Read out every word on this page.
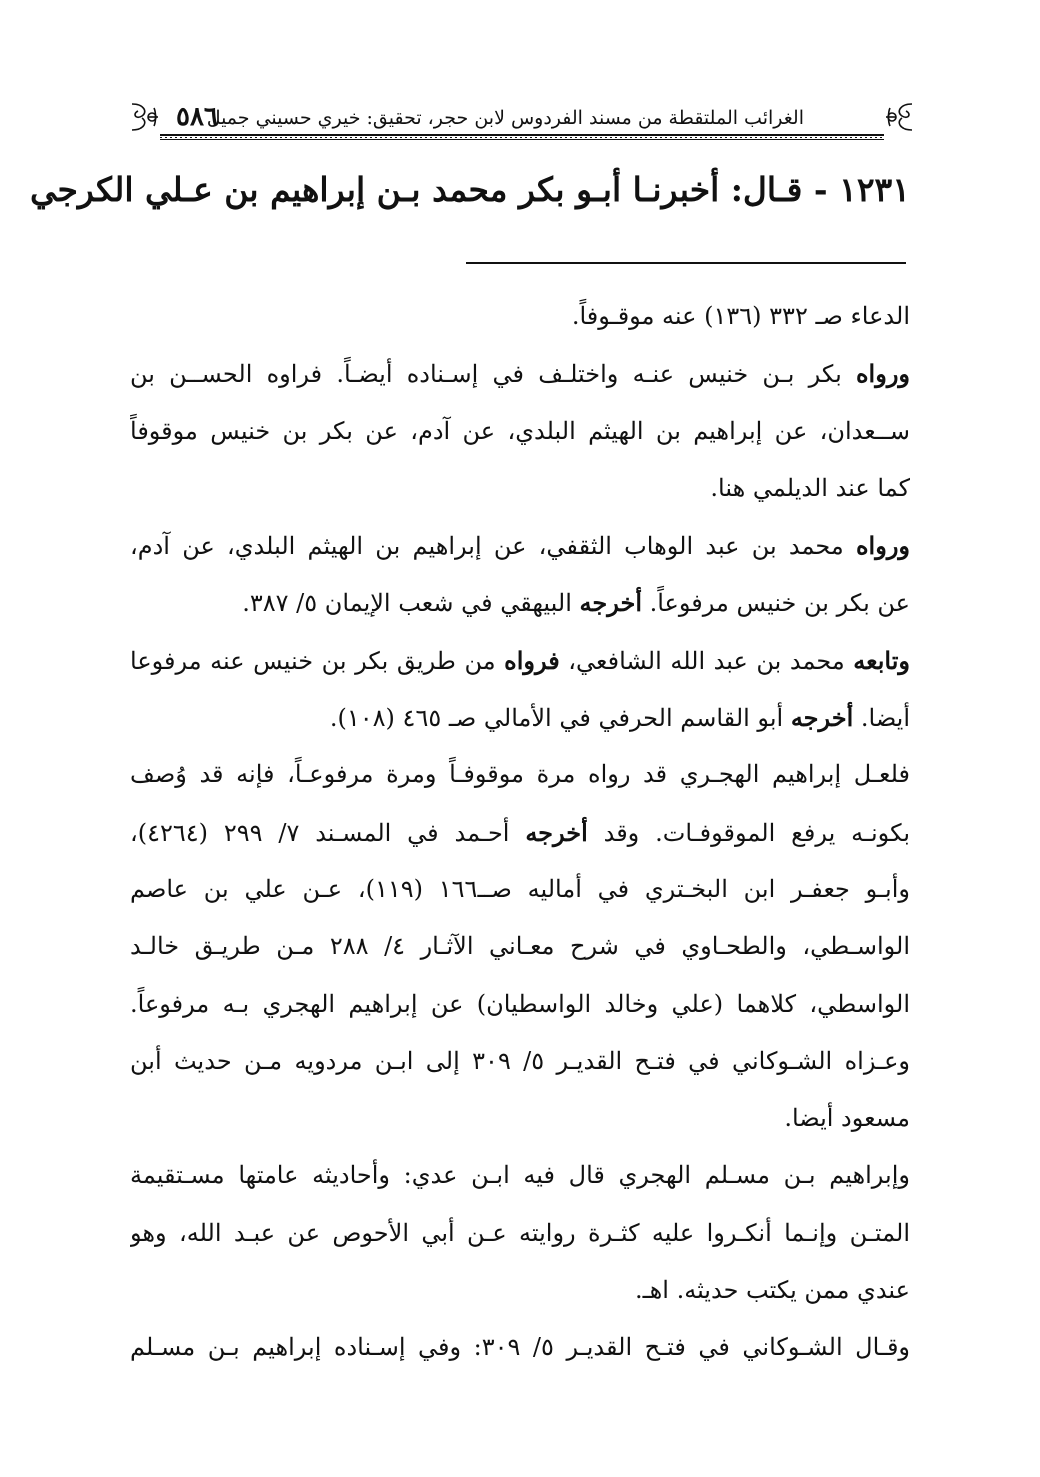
الغرائب الملتقطة من مسند الفردوس لابن حجر، تحقيق: خيري حسيني جميل
٥٨٦
١٢٣١ - قـال: أخبرنـا أبـو بكر محمد بـن إبراهيم بن عـلي الكرجي
الدعاء صـ ٣٣٢ (١٣٦) عنه موقـوفاً.
ورواه بكر بـن خنيس عنـه واختلـف في إسـناده أيضـاً. فراوه الحســن بن
ســعدان، عن إبراهيم بن الهيثم البلدي، عن آدم، عن بكر بن خنيس موقوفاً
كما عند الديلمي هنا.
ورواه محمد بن عبد الوهاب الثقفي، عن إبراهيم بن الهيثم البلدي، عن آدم،
عن بكر بن خنيس مرفوعاً. أخرجه البيهقي في شعب الإيمان ٥/ ٣٨٧.
وتابعه محمد بن عبد الله الشافعي، فرواه من طريق بكر بن خنيس عنه مرفوعا
أيضا. أخرجه أبو القاسم الحرفي في الأمالي صـ ٤٦٥ (١٠٨).
فلعـل إبراهيم الهجـري قد رواه مرة موقوفـاً ومرة مرفوعـاً، فإنه قد وُصف
بكونـه يرفع الموقوفـات. وقد أخرجه أحـمد في المسـند ٧/ ٢٩٩ (٤٢٦٤)،
وأبـو جعفـر ابن البخـتري في أماليه صــ١٦٦ (١١٩)، عـن علي بن عاصم
الواسـطي، والطحـاوي في شرح معـاني الآثـار ٤/ ٢٨٨ مـن طريـق خالـد
الواسطي، كلاهما (علي وخالد الواسطيان) عن إبراهيم الهجري بـه مرفوعاً.
وعـزاه الشـوكاني في فتـح القديـر ٥/ ٣٠٩ إلى ابـن مردويه مـن حديث أبن
مسعود أيضا.
وإبراهيم بـن مسـلم الهجري قال فيه ابـن عدي: وأحاديثه عامتها مسـتقيمة
المتـن وإنـما أنكـروا عليه كثـرة روايته عـن أبي الأحوص عن عبـد الله، وهو
عندي ممن يكتب حديثه. اهـ.
وقـال الشـوكاني في فتـح القديـر ٥/ ٣٠٩: وفي إسـناده إبراهيم بـن مسـلم
